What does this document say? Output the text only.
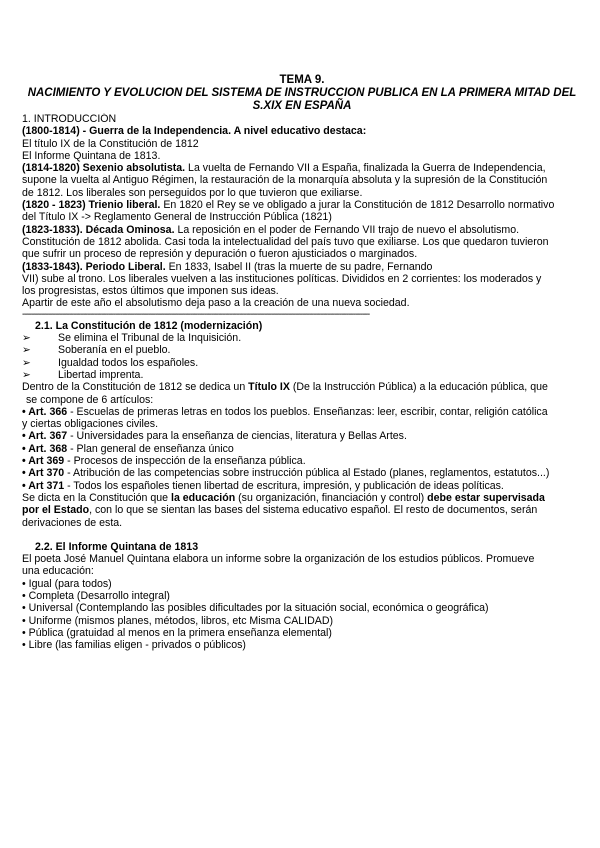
TEMA 9.

NACIMIENTO Y EVOLUCIÓN DEL SISTEMA DE INSTRUCCIÓN PÚBLICA EN LA PRIMERA MITAD DEL S.XIX EN ESPAÑA

1. INTRODUCCIÓN

(1800-1814) - Guerra de la Independencia. A nivel educativo destaca:

El título IX de la Constitución de 1812

El Informe Quintana de 1813.

(1814-1820) Sexenio absolutista. La vuelta de Fernando VII a España, finalizada la Guerra de Independencia,

supone la vuelta al Antiguo Régimen, la restauración de la monarquía absoluta y la supresión de la Constitución

de 1812. Los liberales son perseguidos por lo que tuvieron que exiliarse.

(1820 - 1823) Trienio liberal. En 1820 el Rey se ve obligado a jurar la Constitución de 1812 Desarrollo normativo

del Título IX -> Reglamento General de Instrucción Pública (1821)

(1823-1833). Década Ominosa. La reposición en el poder de Fernando VII trajo de nuevo el absolutismo.

Constitución de 1812 abolida. Casi toda la intelectualidad del país tuvo que exiliarse. Los que quedaron tuvieron

que sufrir un proceso de represión y depuración o fueron ajusticiados o marginados.

(1833-1843). Periodo Liberal. En 1833, Isabel II (tras la muerte de su padre, Fernando

VII) sube al trono. Los liberales vuelven a las instituciones políticas. Divididos en 2 corrientes: los moderados y

los progresistas, estos últimos que imponen sus ideas.

Apartir de este año el absolutismo deja paso a la creación de una nueva sociedad.

-----------------------------------------------------------------------------------------------------------------------------------------------------

2.1. La Constitución de 1812 (modernización)

➢	Se elimina el Tribunal de la Inquisición.

➢	Soberanía en el pueblo.

➢	Igualdad todos los españoles.

➢	Libertad imprenta.

Dentro de la Constitución de 1812 se dedica un Título IX (De la Instrucción Pública) a la educación pública, que

se compone de 6 artículos:

• Art. 366 - Escuelas de primeras letras en todos los pueblos. Enseñanzas: leer, escribir, contar, religión católica

y ciertas obligaciones civiles.

• Art. 367 - Universidades para la enseñanza de ciencias, literatura y Bellas Artes.

• Art. 368 - Plan general de enseñanza único

• Art 369 - Procesos de inspección de la enseñanza pública.

• Art 370 - Atribución de las competencias sobre instrucción pública al Estado (planes, reglamentos, estatutos...)

• Art 371 - Todos los españoles tienen libertad de escritura, impresión, y publicación de ideas políticas.

Se dicta en la Constitución que la educación (su organización, financiación y control) debe estar supervisada

por el Estado, con lo que se sientan las bases del sistema educativo español. El resto de documentos, serán

derivaciones de esta.

2.2. El Informe Quintana de 1813

El poeta José Manuel Quintana elabora un informe sobre la organización de los estudios públicos. Promueve

una educación:

• Igual (para todos)

• Completa (Desarrollo integral)

• Universal (Contemplando las posibles dificultades por la situación social, económica o geográfica)

• Uniforme (mismos planes, métodos, libros, etc Misma CALIDAD)

• Pública (gratuidad al menos en la primera enseñanza elemental)

• Libre (las familias eligen - privados o públicos)
